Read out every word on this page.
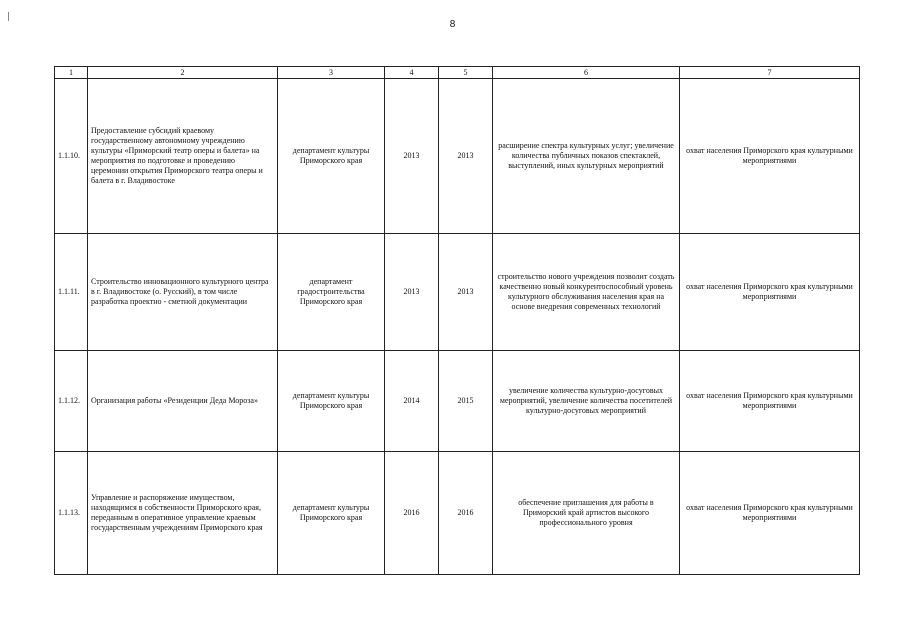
8
1	2	3	4	5	6	7
1.1.10.	Предоставление субсидий краевому государственному автономному учреждению культуры «Приморский театр оперы и балета» на мероприятия по подготовке и проведению церемонии открытия Приморского театра оперы и балета в г. Владивостоке	департамент культуры Приморского края	2013	2013	расширение спектра культурных услуг; увеличение количества публичных показов спектаклей, выступлений, иных культурных мероприятий	охват населения Приморского края культурными мероприятиями
1.1.11.	Строительство инновационного культурного центра в г. Владивостоке (о. Русский), в том числе разработка проектно - сметной документации	департамент градостроительства Приморского края	2013	2013	строительство нового учреждения позволит создать качественно новый конкурентоспособный уровень культурного обслуживания населения края на основе внедрения современных технологий	охват населения Приморского края культурными мероприятиями
1.1.12.	Организация работы «Резиденции Деда Мороза»	департамент культуры Приморского края	2014	2015	увеличение количества культурно-досуговых мероприятий, увеличение количества посетителей культурно-досуговых мероприятий	охват населения Приморского края культурными мероприятиями
1.1.13.	Управление и распоряжение имуществом, находящимся в собственности Приморского края, переданным в оперативное управление краевым государственным учреждениям Приморского края	департамент культуры Приморского края	2016	2016	обеспечение приглашения для работы в Приморский край артистов высокого профессионального уровня	охват населения Приморского края культурными мероприятиями
